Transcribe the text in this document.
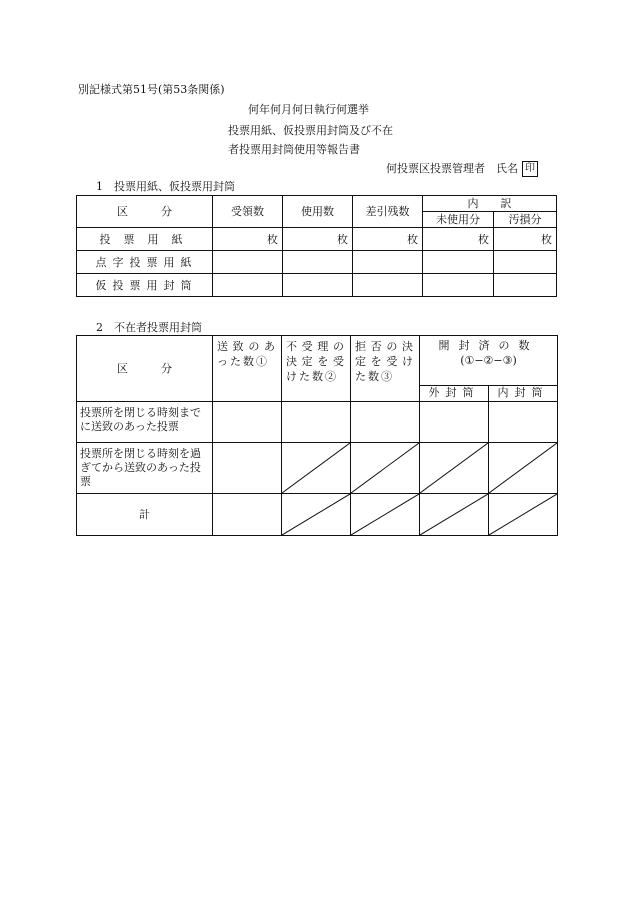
別記様式第51号(第53条関係)
何年何月何日執行何選挙
投票用紙、仮投票用封筒及び不在
者投票用封筒使用等報告書
何投票区投票管理者　氏名 印
1　投票用紙、仮投票用封筒
区　　　分	受領数	使用数	差引残数	内　　訳	
				未使用分	汚損分
投票用紙	枚	枚	枚	枚	枚
点字投票用紙					
仮投票用封筒					
2　不在者投票用封筒
区　　　分	送致のあった数①	不受理の決定を受けた数②	拒否の決定を受けた数③	開封済の数
(①−②−③)	

				外封筒	内封筒
投票所を閉じる時刻までに送致のあった投票					
投票所を閉じる時刻を過ぎてから送致のあった投票		

計		
